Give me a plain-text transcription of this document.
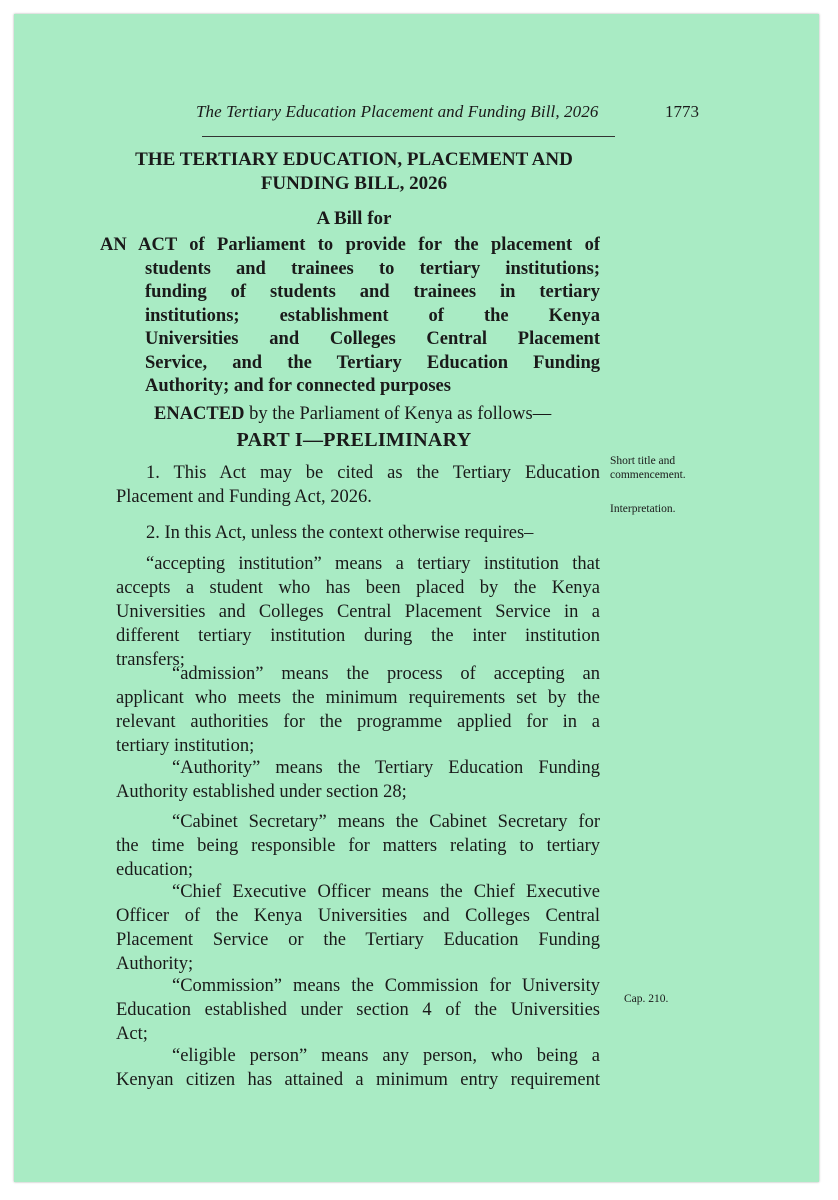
The Tertiary Education Placement and Funding Bill, 2026	1773
THE TERTIARY EDUCATION, PLACEMENT AND
FUNDING BILL, 2026
A Bill for
AN ACT of Parliament to provide for the placement of
students and trainees to tertiary institutions;
funding of students and trainees in tertiary
institutions; establishment of the Kenya
Universities and Colleges Central Placement
Service, and the Tertiary Education Funding
Authority; and for connected purposes
ENACTED by the Parliament of Kenya as follows—
PART I—PRELIMINARY
1. This Act may be cited as the Tertiary Education
Placement and Funding Act, 2026.
2. In this Act, unless the context otherwise requires–
“accepting institution” means a tertiary institution that
accepts a student who has been placed by the Kenya
Universities and Colleges Central Placement Service in a
different tertiary institution during the inter institution
transfers;
“admission” means the process of accepting an
applicant who meets the minimum requirements set by the
relevant authorities for the programme applied for in a
tertiary institution;
“Authority” means the Tertiary Education Funding
Authority established under section 28;
“Cabinet Secretary” means the Cabinet Secretary for
the time being responsible for matters relating to tertiary
education;
“Chief Executive Officer means the Chief Executive
Officer of the Kenya Universities and Colleges Central
Placement Service or the Tertiary Education Funding
Authority;
“Commission” means the Commission for University
Education established under section 4 of the Universities
Act;
“eligible person” means any person, who being a
Kenyan citizen has attained a minimum entry requirement
Short title and commencement.
Interpretation.
Cap. 210.
